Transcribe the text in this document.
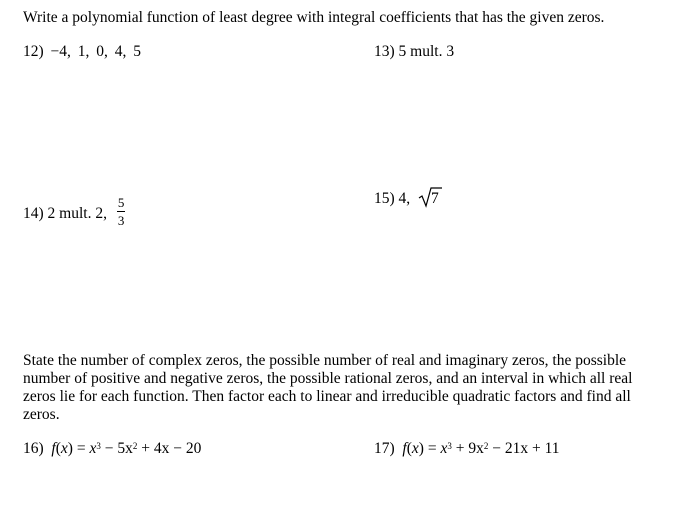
Write a polynomial function of least degree with integral coefficients that has the given zeros.
12) −4, 1, 0, 4, 5	13) 5 mult. 3
14) 2 mult. 2, $\frac{5}{3}$	15) 4, 7
State the number of complex zeros, the possible number of real and imaginary zeros, the possible number of positive and negative zeros, the possible rational zeros, and an interval in which all real zeros lie for each function. Then factor each to linear and irreducible quadratic factors and find all zeros.
16) $f(x) = x^3 - 5x^2 + 4x - 20$	17) $f(x) = x^3 + 9x^2 - 21x + 11$
